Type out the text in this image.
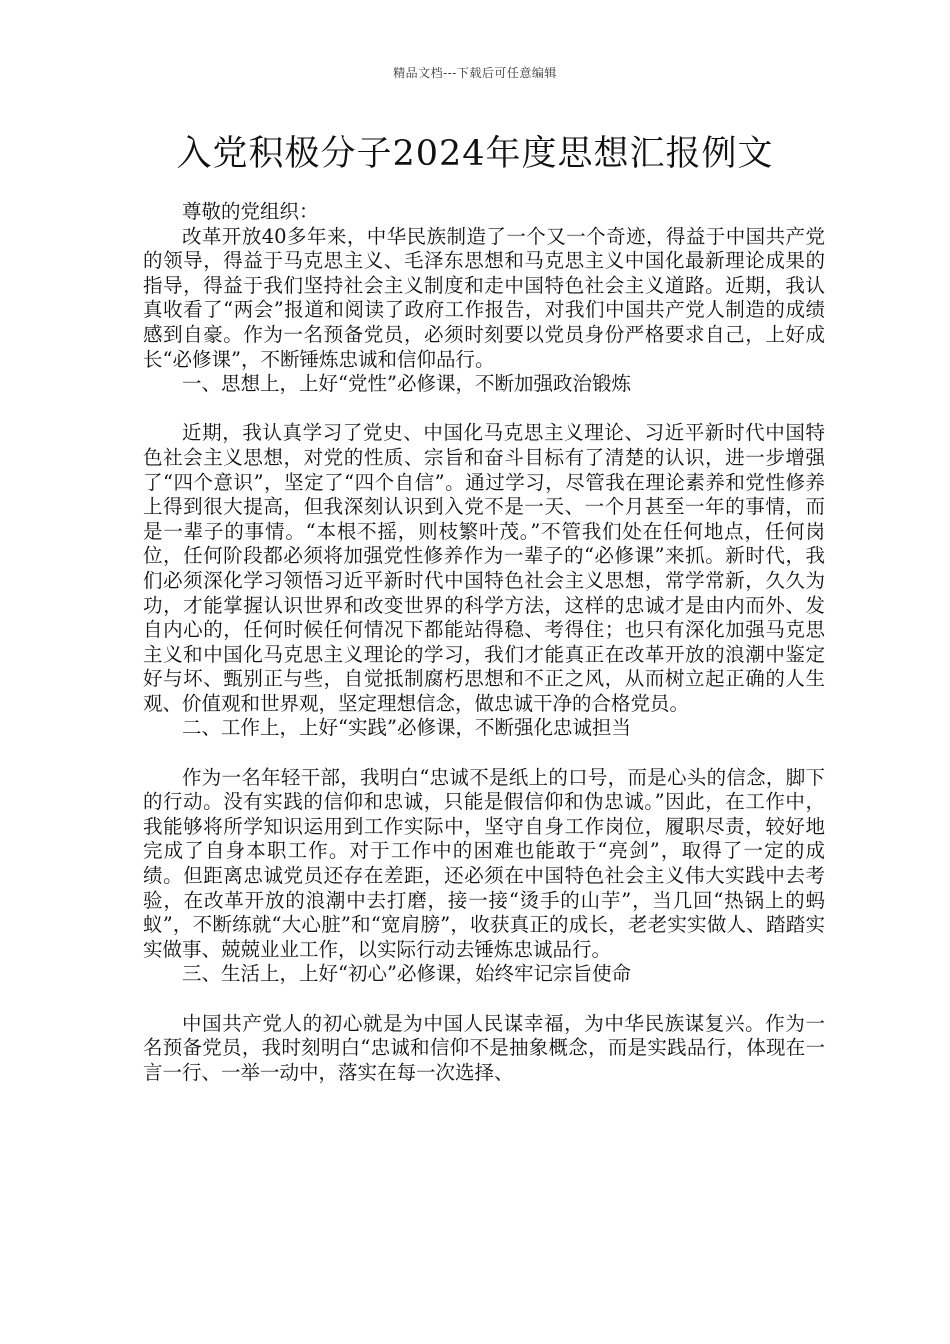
精品文档---下载后可任意编辑
入党积极分子2024年度思想汇报例文

尊敬的党组织：

改革开放40多年来，中华民族制造了一个又一个奇迹，得益于中国共产党的领导，得益于马克思主义、毛泽东思想和马克思主义中国化最新理论成果的指导，得益于我们坚持社会主义制度和走中国特色社会主义道路。近期，我认真收看了“两会”报道和阅读了政府工作报告，对我们中国共产党人制造的成绩感到自豪。作为一名预备党员，必须时刻要以党员身份严格要求自己，上好成长“必修课”，不断锤炼忠诚和信仰品行。

一、思想上，上好“党性”必修课，不断加强政治锻炼

近期，我认真学习了党史、中国化马克思主义理论、习近平新时代中国特色社会主义思想，对党的性质、宗旨和奋斗目标有了清楚的认识，进一步增强了“四个意识”，坚定了“四个自信”。通过学习，尽管我在理论素养和党性修养上得到很大提高，但我深刻认识到入党不是一天、一个月甚至一年的事情，而是一辈子的事情。“本根不摇，则枝繁叶茂。”不管我们处在任何地点，任何岗位，任何阶段都必须将加强党性修养作为一辈子的“必修课”来抓。新时代，我们必须深化学习领悟习近平新时代中国特色社会主义思想，常学常新，久久为功，才能掌握认识世界和改变世界的科学方法，这样的忠诚才是由内而外、发自内心的，任何时候任何情况下都能站得稳、考得住；也只有深化加强马克思主义和中国化马克思主义理论的学习，我们才能真正在改革开放的浪潮中鉴定好与坏、甄别正与些，自觉抵制腐朽思想和不正之风，从而树立起正确的人生观、价值观和世界观，坚定理想信念，做忠诚干净的合格党员。

二、工作上，上好“实践”必修课，不断强化忠诚担当

作为一名年轻干部，我明白“忠诚不是纸上的口号，而是心头的信念，脚下的行动。没有实践的信仰和忠诚，只能是假信仰和伪忠诚。”因此，在工作中，我能够将所学知识运用到工作实际中，坚守自身工作岗位，履职尽责，较好地完成了自身本职工作。对于工作中的困难也能敢于“亮剑”，取得了一定的成绩。但距离忠诚党员还存在差距，还必须在中国特色社会主义伟大实践中去考验，在改革开放的浪潮中去打磨，接一接“烫手的山芋”，当几回“热锅上的蚂蚁”，不断练就“大心脏”和“宽肩膀”，收获真正的成长，老老实实做人、踏踏实实做事、兢兢业业工作，以实际行动去锤炼忠诚品行。

三、生活上，上好“初心”必修课，始终牢记宗旨使命

中国共产党人的初心就是为中国人民谋幸福，为中华民族谋复兴。作为一名预备党员，我时刻明白“忠诚和信仰不是抽象概念，而是实践品行，体现在一言一行、一举一动中，落实在每一次选择、
